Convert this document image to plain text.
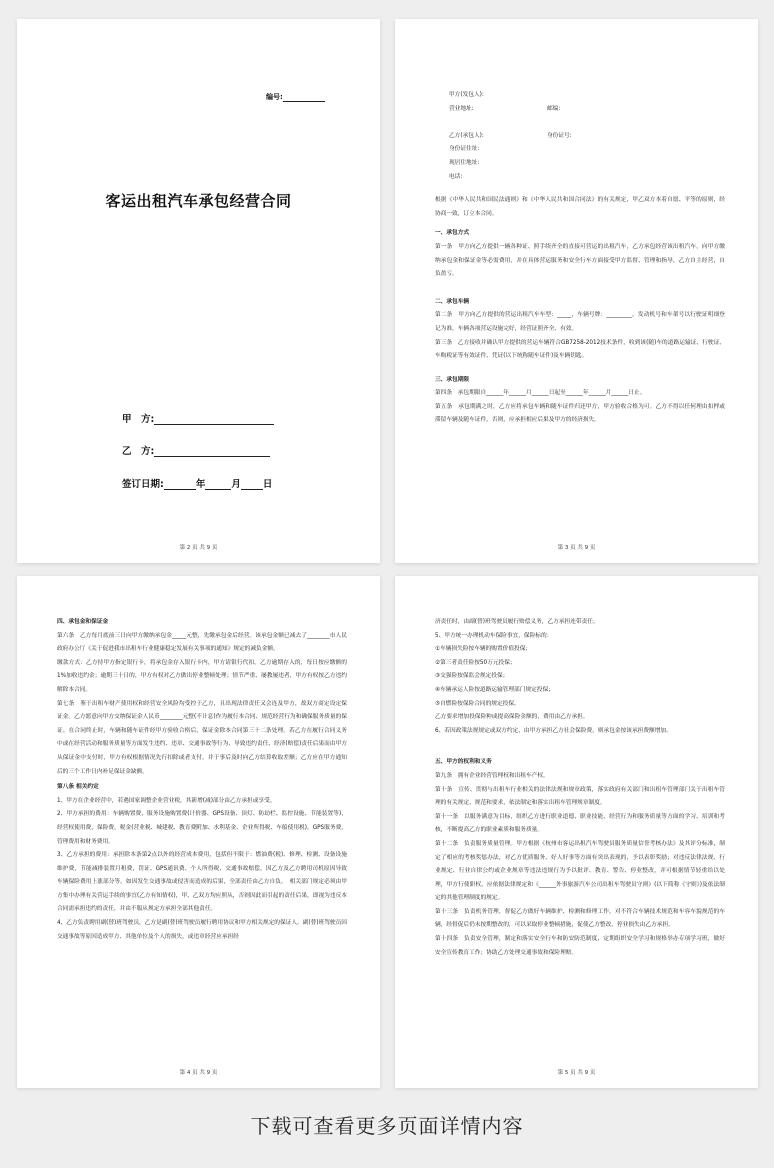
编号:
客运出租汽车承包经营合同
甲　方:
乙　方:
签订日期:	年	月 日
第 2 页 共 9 页
甲方(发包人):
营业地址:	邮编:
乙方(承包人):	身份证号:
身份证住址:
现居住地址:
电话:

根据《中华人民共和国民法通则》和《中华人民共和国合同法》的有关规定，甲乙双方本着自愿、平等的原则，经协商一致，订立本合同。

一、承包方式

第一条　甲方向乙方提供一辆各种证、照手续齐全的直接可营运的出租汽车，乙方承包经营该出租汽车，向甲方缴纳承包金和保证金等必需费用，并在具体营运服务和安全行车方面接受甲方监督、管理和指导，乙方自主经营，自负盈亏。

二、承包车辆

第二条　甲方向乙方提供的营运出租汽车车型：_____，车辆号牌：_________，发动机号和车架号以行驶证明细登记为准，车辆各项营运设施完好，经营证照齐全、有效。

第三条　乙方接收并确认甲方提供的营运车辆符合GB7258-2012技术条件，收到该(随)车的道路运输证、行驶证、车购税证等有效证件、凭证(以下统称随车证件)及车辆钥匙。

三、承包期限

第四条　承包期限自______年______月______日起至______年______月______日止。

第五条　承包期满之时，乙方应将承包车辆和随车证件归还甲方，甲方验收合格为可。乙方不得以任何理由扣押或滞留车辆及随车证件，否则，应承担相应后果及甲方的经济损失。

第 3 页 共 9 页

四、承包金和保证金

第六条　乙方每月底前三日向甲方缴纳承包金_____元整，先缴承包金后经营。该承包金额已减去了________市人民政府办公厅《关于促进我市出租车行业健康稳定发展有关事项的通知》规定的减负金额。

缴款方式：乙方持甲方指定银行卡，将承包金存入银行卡内，甲方请银行代扣。乙方逾期存入的，每日按应缴额的1%加收违约金；逾期三十日的，甲方有权对乙方做出停业整顿处理；情节严重、屡教屡违者，甲方有权按乙方违约解除本合同。

第七条　鉴于出租车财产使用权和经营安全风险均受控于乙方，且出现法律责任又会连及甲方，故双方商定设定保证金。乙方愿意向甲方交纳保证金人民币________元整(不计息)作为履行本合同、规范经营行为和确保服务质量的保证。在合同终止时，车辆和随车证件经甲方验收合格后，保证金除本合同第三十二条处理。若乙方在履行合同义务中或在经营活动和服务质量等方面发生违约、违章、交通事故等行为，导致违约责任、经济(赔偿)责任后果而由甲方从保证金中支付时，甲方有权根据情况先行扣除或者支付，并于事后及时向乙方结算收取差额；乙方应在甲方通知后的三个工作日内补足保证金缺额。

第八条 相关约定

1、甲方在企业经营中，若遇国家调整企业营业税，其新增(减)部分由乙方承担或享受。

2、甲方承担的费用：车辆购置费、服务设施购置费(计价器、GPS设备、顶灯、防劫栏、监控设施、节能装置等)，经营权使用费，保险费，税金(营业税、城建税、教育费附加、水利基金、企业所得税、车船使用税)，GPS服务费，管理费用和财务费用。

3、乙方承担的费用：承担除本条第2点以外的经营成本费用，包括但不限于：燃油费(税)、修理、检测、设备设施维护费，节能减排装置月租费，罚证、GPS通讯费、个人所得税、交通事故赔偿，因乙方及乙方聘用司机原因导致车辆保险费用上涨部分等。如因发生交通事故或侵害而造成的后果，全部责任由乙方自负。　相关部门规定必须由甲方集中办理有关营运手续的事宜(乙方有知情权)，甲、乙双方均应照从，否则因此而引起的责任后果，即视为违反本合同需承担违约的责任，并由不服从规定方承担全部其他责任。

4、乙方负责聘用副(替)班驾驶员，乙方是副(替)班驾驶员履行聘用协议和甲方相关规定的保证人。副(替)班驾驶员因交通事故等原因造成甲方、其他单位及个人的损失，或违章经营应承担经

第 4 页 共 9 页

济责任时，由副(替)班驾驶员履行赔偿义务，乙方承担连带责任。

5、甲方统一办理机动车保险事宜，保险标的：

①车辆损失险按车辆的购置价值投保；

②第三者责任险按50万元投保；

③交强险按保监会规定投保；

④车辆承运人险按道路运输管理部门规定投保；

⑤自燃险按保险合同的规定投保。

乙方要求增加投保险种或提高保险金额的，费用由乙方承担。

6、若因政策法规规定或双方约定，由甲方承担乙方社会保险费，则承包金按该承担费额增加。

五、甲方的权利和义务

第九条　拥有企业经营管理权和出租车产权。

第十条　宣传、贯彻与出租车行业相关的法律法规和规章政策，落实政府有关部门和出租车管理部门关于出租车管理的有关规定、规范和要求，依法制定和落实出租车管理规章制度。

第十一条　以服务满意为目标，组织乙方进行职业道德、职业技能、经营行为和服务质量等方面的学习、培训和考核，不断提高乙方的职业素质和服务质量。

第十二条　负责服务质量管理。甲方根据《杭州市客运出租汽车驾驶员服务质量信誉考核办法》及其评分标准，制定了相应的考核奖惩办法，对乙方优质服务、好人好事等方面有突出表现的，予以表彰奖励；对违反法律法规、行业规定、行业自律公约或企业规章等违法违规行为予以批评、教育、警告、停业整改，并可根据情节轻重给以处理，甲方行使职权，应依据法律规定和《______外事旅游汽车公司出租车驾驶员守则》(以下简称《守则》)及依法制定的其他管理制度的规定。

第十三条　负责机务管理，督促乙方做好车辆维护、检测和修理工作，对不符合车辆技术规范和车容车貌规范的车辆，经督促后仍未按期整改的，可以采取停业整顿措施，促使乙方整改，停业损失由乙方承担。

第十四条　负责安全管理，制定和落实安全行车和防安防范制度，定期组织安全学习和规格举办专项学习班，做好安全宣传教育工作；协助乙方处理交通事故和保险理赔。

第 5 页 共 9 页
下载可查看更多页面详情内容
